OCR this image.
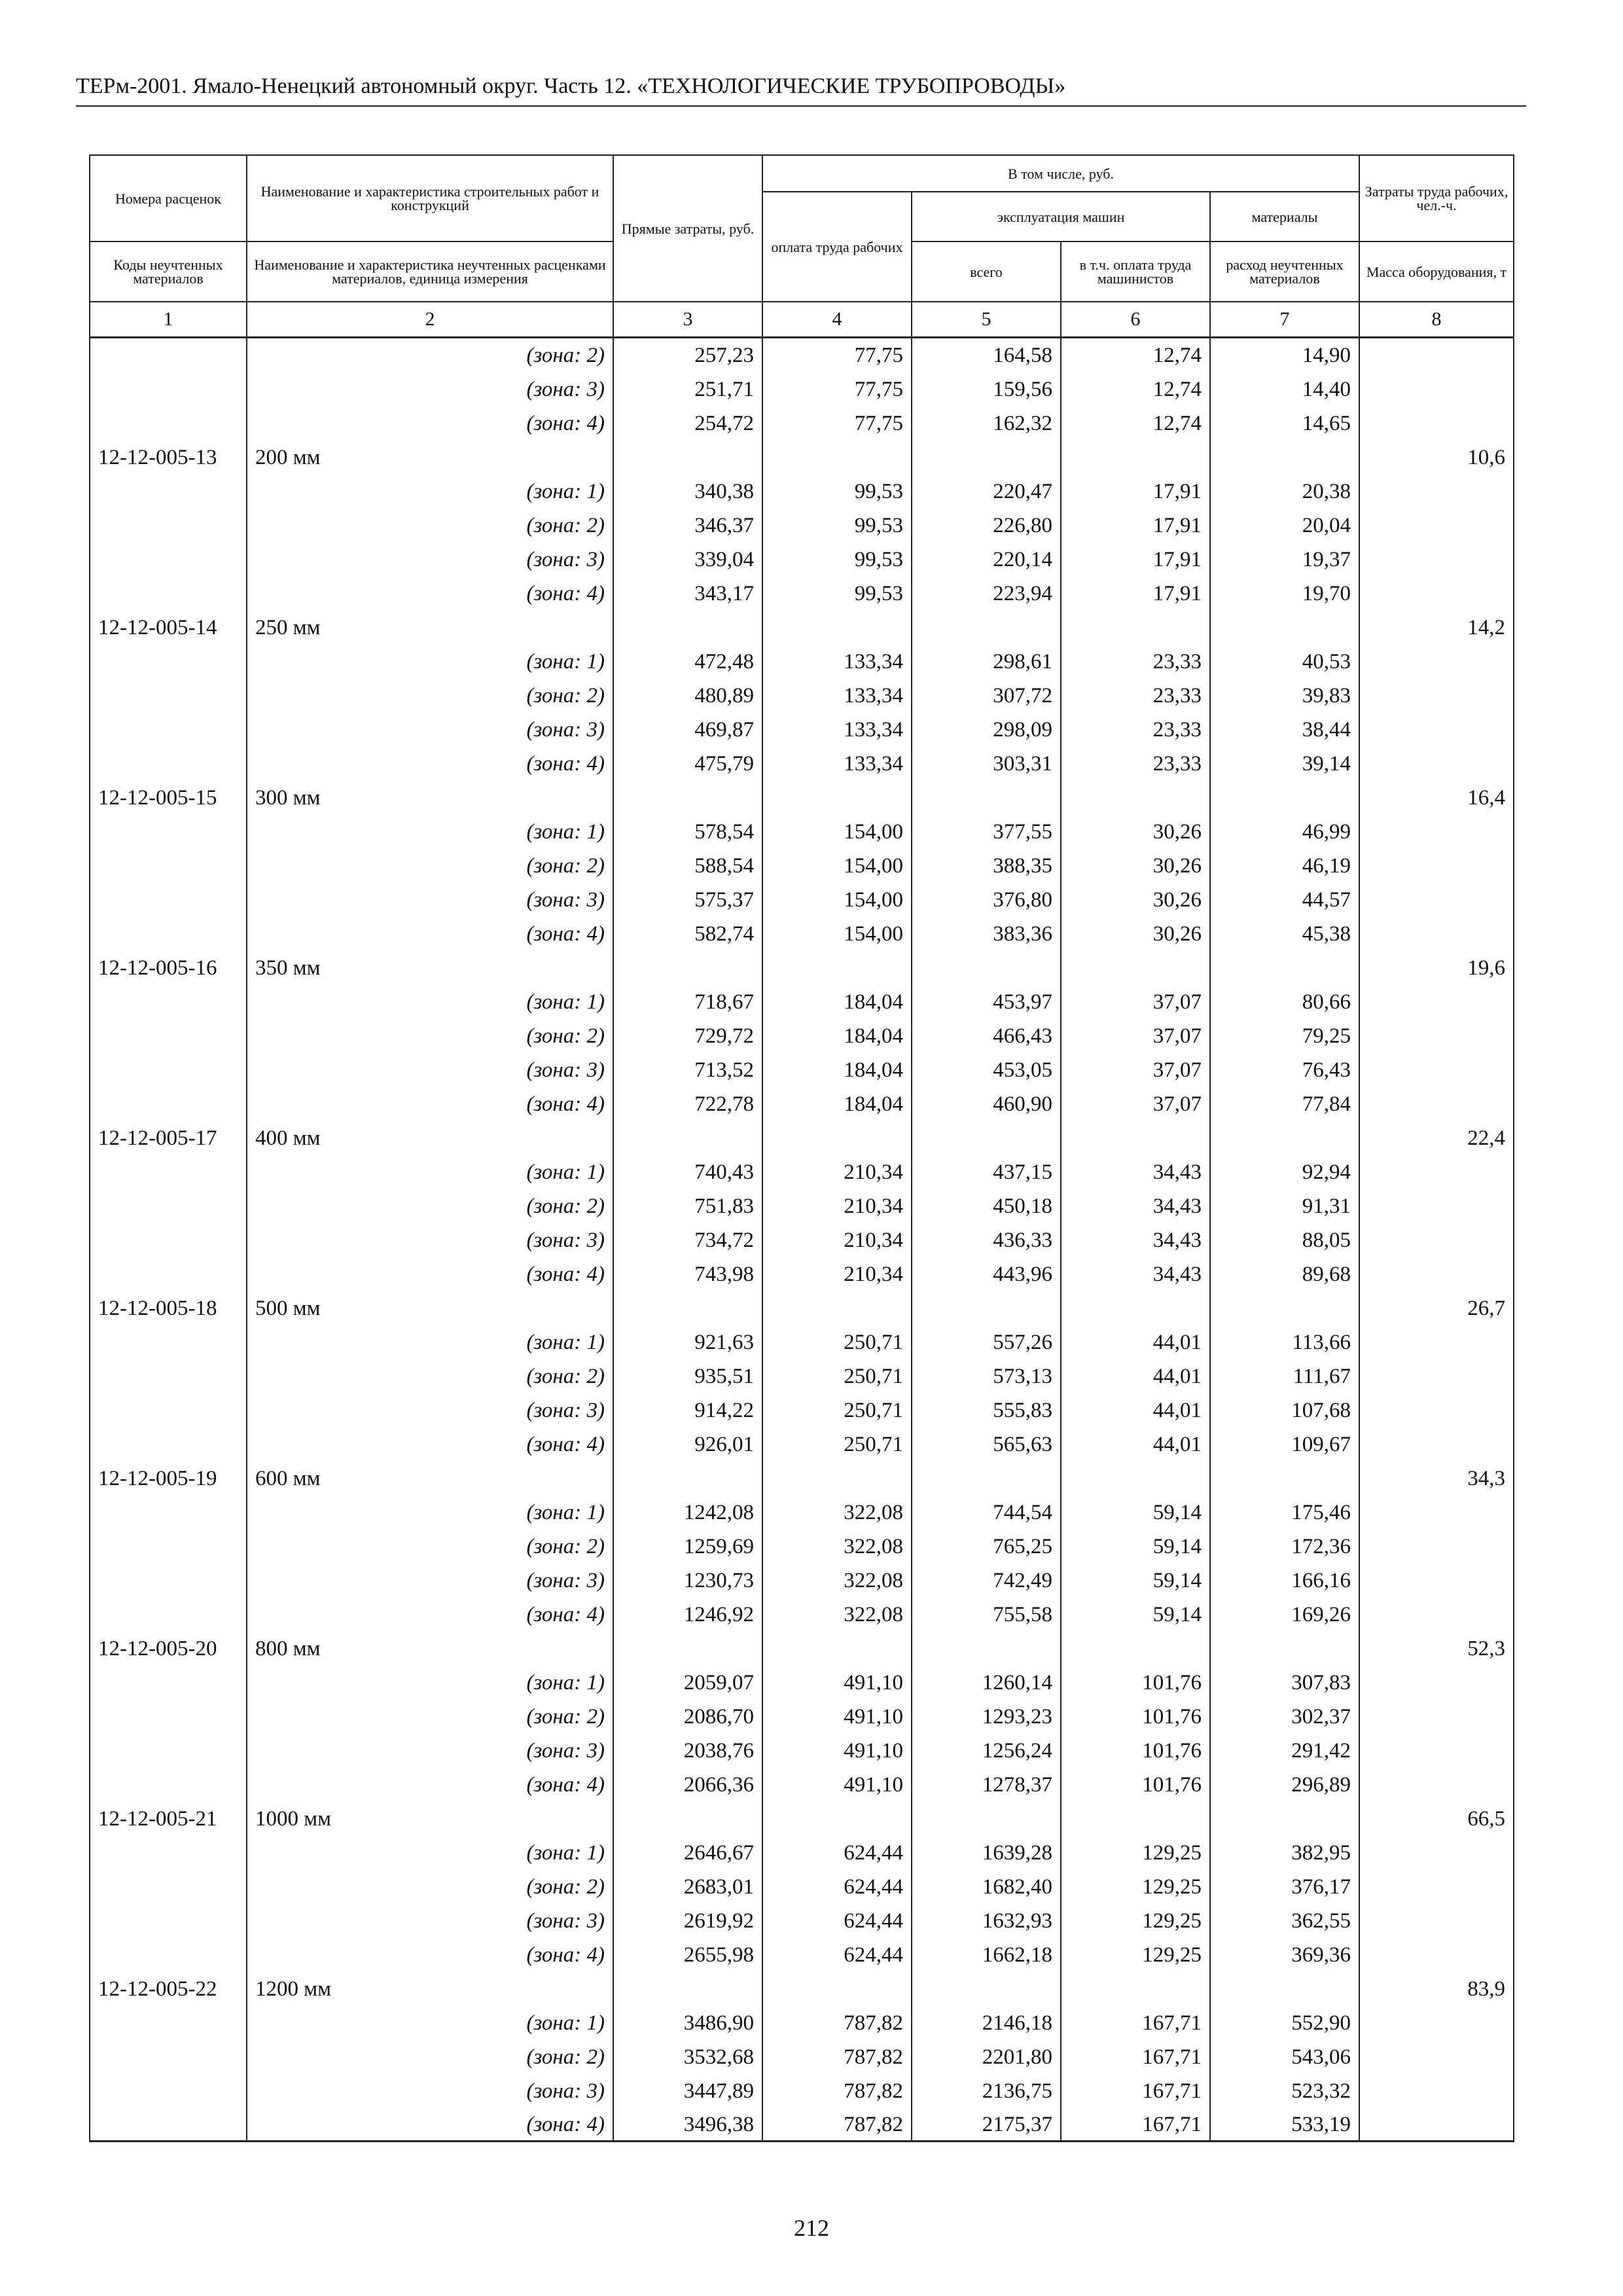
ТЕРм-2001. Ямало-Ненецкий автономный округ. Часть 12. «ТЕХНОЛОГИЧЕСКИЕ ТРУБОПРОВОДЫ»
Номера расценок	Наименование и характеристика строительных работ и конструкций	Прямые затраты, руб.	В том числе, руб.				Затраты труда рабочих, чел.-ч.
			оплата труда рабочих	эксплуатация машин		материалы	
Коды неучтенных материалов	Наименование и характеристика неучтенных расценками материалов, единица измерения			всего	в т.ч. оплата труда машинистов	расход неучтенных материалов	Масса оборудования, т
1	2	3	4	5	6	7	8
	(зона: 2)	257,23	77,75	164,58	12,74	14,90	
	(зона: 3)	251,71	77,75	159,56	12,74	14,40	
	(зона: 4)	254,72	77,75	162,32	12,74	14,65	
12-12-005-13	200 мм						10,6
	(зона: 1)	340,38	99,53	220,47	17,91	20,38	
	(зона: 2)	346,37	99,53	226,80	17,91	20,04	
	(зона: 3)	339,04	99,53	220,14	17,91	19,37	
	(зона: 4)	343,17	99,53	223,94	17,91	19,70	
12-12-005-14	250 мм						14,2
	(зона: 1)	472,48	133,34	298,61	23,33	40,53	
	(зона: 2)	480,89	133,34	307,72	23,33	39,83	
	(зона: 3)	469,87	133,34	298,09	23,33	38,44	
	(зона: 4)	475,79	133,34	303,31	23,33	39,14	
12-12-005-15	300 мм						16,4
	(зона: 1)	578,54	154,00	377,55	30,26	46,99	
	(зона: 2)	588,54	154,00	388,35	30,26	46,19	
	(зона: 3)	575,37	154,00	376,80	30,26	44,57	
	(зона: 4)	582,74	154,00	383,36	30,26	45,38	
12-12-005-16	350 мм						19,6
	(зона: 1)	718,67	184,04	453,97	37,07	80,66	
	(зона: 2)	729,72	184,04	466,43	37,07	79,25	
	(зона: 3)	713,52	184,04	453,05	37,07	76,43	
	(зона: 4)	722,78	184,04	460,90	37,07	77,84	
12-12-005-17	400 мм						22,4
	(зона: 1)	740,43	210,34	437,15	34,43	92,94	
	(зона: 2)	751,83	210,34	450,18	34,43	91,31	
	(зона: 3)	734,72	210,34	436,33	34,43	88,05	
	(зона: 4)	743,98	210,34	443,96	34,43	89,68	
12-12-005-18	500 мм						26,7
	(зона: 1)	921,63	250,71	557,26	44,01	113,66	
	(зона: 2)	935,51	250,71	573,13	44,01	111,67	
	(зона: 3)	914,22	250,71	555,83	44,01	107,68	
	(зона: 4)	926,01	250,71	565,63	44,01	109,67	
12-12-005-19	600 мм						34,3
	(зона: 1)	1242,08	322,08	744,54	59,14	175,46	
	(зона: 2)	1259,69	322,08	765,25	59,14	172,36	
	(зона: 3)	1230,73	322,08	742,49	59,14	166,16	
	(зона: 4)	1246,92	322,08	755,58	59,14	169,26	
12-12-005-20	800 мм						52,3
	(зона: 1)	2059,07	491,10	1260,14	101,76	307,83	
	(зона: 2)	2086,70	491,10	1293,23	101,76	302,37	
	(зона: 3)	2038,76	491,10	1256,24	101,76	291,42	
	(зона: 4)	2066,36	491,10	1278,37	101,76	296,89	
12-12-005-21	1000 мм						66,5
	(зона: 1)	2646,67	624,44	1639,28	129,25	382,95	
	(зона: 2)	2683,01	624,44	1682,40	129,25	376,17	
	(зона: 3)	2619,92	624,44	1632,93	129,25	362,55	
	(зона: 4)	2655,98	624,44	1662,18	129,25	369,36	
12-12-005-22	1200 мм						83,9
	(зона: 1)	3486,90	787,82	2146,18	167,71	552,90	
	(зона: 2)	3532,68	787,82	2201,80	167,71	543,06	
	(зона: 3)	3447,89	787,82	2136,75	167,71	523,32	
	(зона: 4)	3496,38	787,82	2175,37	167,71	533,19	
212
